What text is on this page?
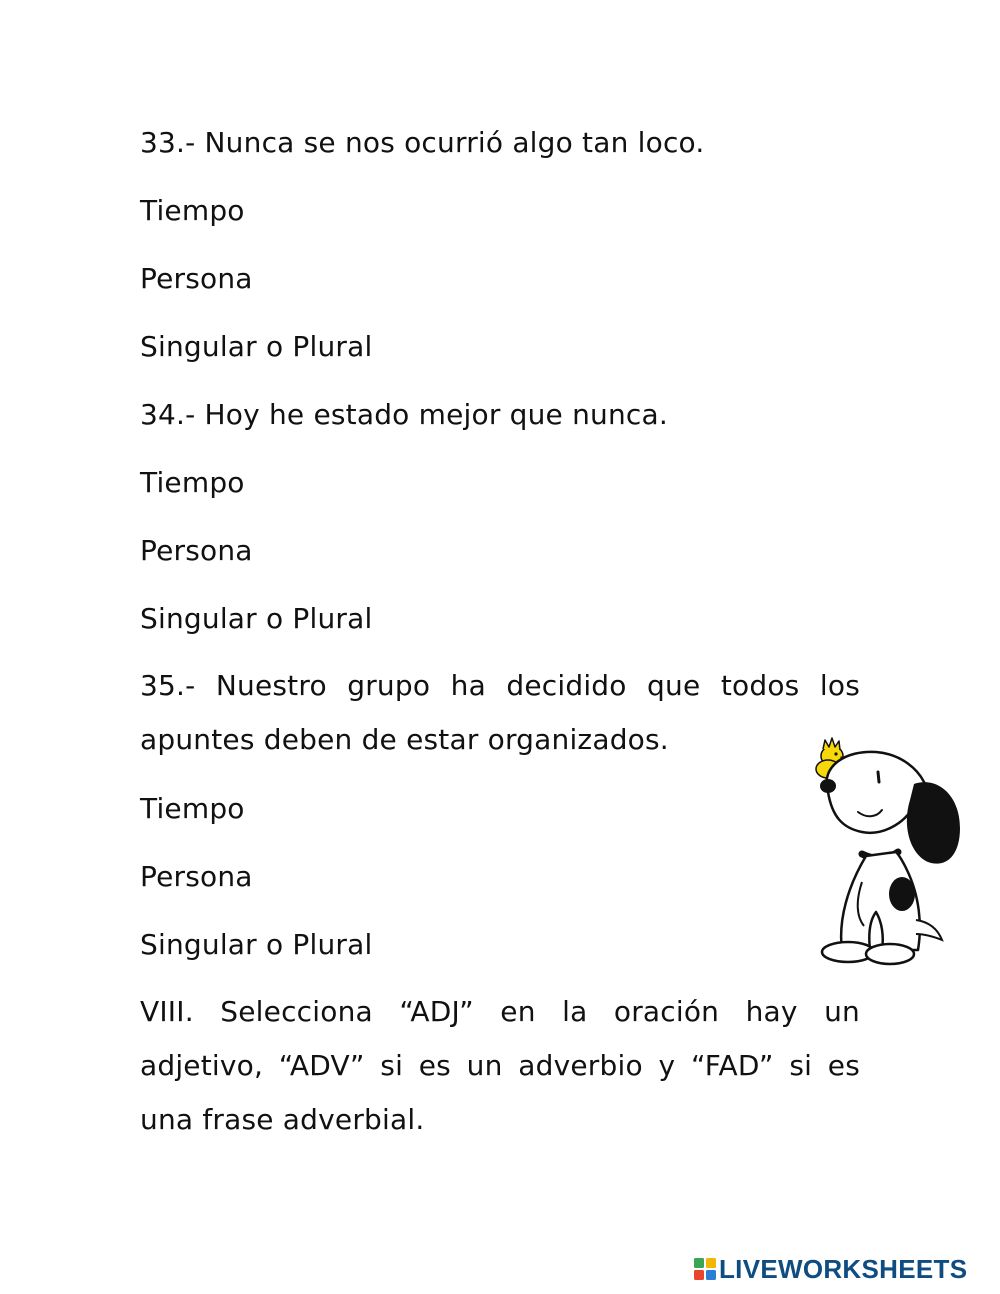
33.- Nunca se nos ocurrió algo tan loco.
Tiempo
Persona
Singular o Plural
34.- Hoy he estado mejor que nunca.
Tiempo
Persona
Singular o Plural
35.- Nuestro grupo ha decidido que todos los apuntes deben de estar organizados.
Tiempo
Persona
Singular o Plural
VIII. Selecciona “ADJ” en la oración hay un adjetivo, “ADV” si es un adverbio y “FAD” si es una frase adverbial.
LIVEWORKSHEETS
